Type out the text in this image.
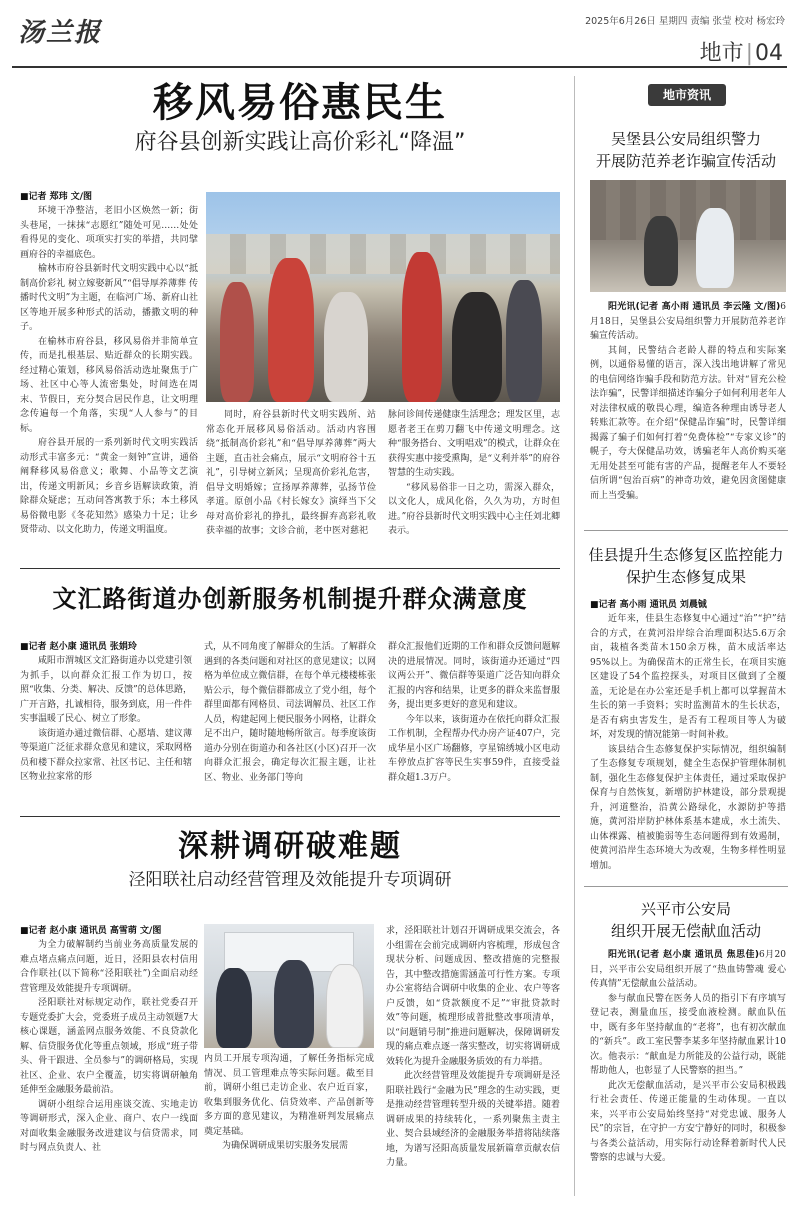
汤兰报	2025年6月26日 星期四 责编 张莹 校对 杨宏玲
地市|04
移风易俗惠民生
府谷县创新实践让高价彩礼“降温”
■记者 郑玮 文/图

环境干净整洁，老旧小区焕然一新；街头巷尾，一抹抹“志愿红”随处可见……处处看得见的变化、项项实打实的举措，共同擘画府谷的幸福底色。

榆林市府谷县新时代文明实践中心以“抵制高价彩礼 树立嫁娶新风”“倡导厚养薄葬 传播时代文明”为主题，在临河广场、新府山社区等地开展多种形式的活动，播撒文明的种子。

在榆林市府谷县，移风易俗并非简单宣传，而是扎根基层、贴近群众的长期实践。经过精心策划，移风易俗活动选址聚焦于广场、社区中心等人流密集处，时间选在周末、节假日，充分契合居民作息，让文明理念传遍每一个角落，实现“人人参与”的目标。

府谷县开展的一系列新时代文明实践活动形式丰富多元：“黄金一刻钟”宣讲，通俗阐释移风易俗意义；歌舞、小品等文艺演出，传递文明新风；乡音乡语解读政策，消除群众疑虑；互动问答寓教于乐；本土移风易俗微电影《冬花知然》感染力十足；让乡贤带动、以文化助力，传递文明温度。

同时，府谷县新时代文明实践所、站常态化开展移风易俗活动。活动内容围绕“抵制高价彩礼”和“倡导厚养薄葬”两大主题，直击社会痛点，展示“文明府谷十五礼”，引导树立新风；呈现高价彩礼危害，倡导文明婚嫁；宣扬厚养薄葬，弘扬节俭孝道。原创小品《村长嫁女》演绎当下父母对高价彩礼的挣扎，最终摒弃高彩礼收获幸福的故事；文诊合前，老中医对慈祀

脉问诊间传递健康生活理念；理发区里，志愿者老王在剪刀翻飞中传递文明理念。这种“服务搭台、文明唱戏”的模式，让群众在获得实惠中接受熏陶，是“义利并举”的府谷智慧的生动实践。

“移风易俗非一日之功，需深入群众，以文化人，成风化俗，久久为功，方时但进。”府谷县新时代文明实践中心主任刘北卿表示。

文汇路街道办创新服务机制提升群众满意度
■记者 赵小康 通讯员 张娟玲

咸阳市渭城区文汇路街道办以党建引领为抓手，以向群众汇报工作为切口，按照“收集、分类、解决、反馈”的总体思路，广开言路，扎诚相待，服务到底，用一件件实事温暖了民心、树立了形象。

该街道办通过微信群、心愿墙、建议薄等渠道广泛征求群众意见和建议，采取网格员和楼下群众拉家常、社区书记、主任和辖区物业拉家常的形

式，从不同角度了解群众的生活。了解群众遇到的各类问题和对社区的意见建议；以网格为单位成立微信群，在每个单元楼楼栋张贴公示，每个微信群都成立了党小组，每个群里面都有网格员、司法调解员、社区工作人员，构建起网上便民服务小网格，让群众足不出户，随时随地畅所欲言。每季度该街道办分别在街道办和各社区(小区)召开一次向群众汇报会，确定每次汇报主题，让社区、物业、业务部门等向

群众汇报他们近期的工作和群众反馈问题解决的进展情况。同时，该街道办还通过“四议两公开”、微信群等渠道广泛告知向群众汇报的内容和结果，让更多的群众来监督服务，提出更多更好的意见和建议。

今年以来，该街道办在依托向群众汇报工作机制，全程帮办代办房产证407户，完成华星小区广场翻修，亨星锦绣城小区电动车停放点扩容等民生实事59件，直接受益群众超1.3万户。

深耕调研破难题
泾阳联社启动经营管理及效能提升专项调研
■记者 赵小康 通讯员 高雪萌 文/图

为全力破解制约当前业务高质量发展的难点堵点痛点问题，近日，泾阳县农村信用合作联社(以下简称“泾阳联社”)全面启动经营管理及效能提升专项调研。

泾阳联社对标规定动作，联社党委召开专题党委扩大会，党委班子成员主动领题7大核心课题，涵盖网点服务效能、不良贷款化解、信贷服务优化等重点领域，形成“班子带头、骨干跟进、全员参与”的调研格局，实现社区、企业、农户全覆盖，切实将调研触角延伸至金融服务最前沿。

调研小组综合运用座谈交流、实地走访等调研形式，深入企业、商户、农户一线面对面收集金融服务改进建议与信贷需求，同时与网点负责人、社

内员工开展专项沟通，了解任务指标完成情况、员工管理难点等实际问题。截至目前，调研小组已走访企业、农户近百家，收集到服务优化、信贷效率、产品创新等多方面的意见建议，为精准研判发展痛点奠定基础。

为确保调研成果切实服务发展需

求，泾阳联社计划召开调研成果交流会，各小组需在会前完成调研内容梳理，形成包含现状分析、问题成因、整改措施的完整报告，其中整改措施需涵盖可行性方案。专项办公室将结合调研中收集的企业、农户等客户反馈，如“贷款额度不足”“审批贷款时效”等问题，梳理形成普批整改事项清单，以“问题销号制”推进问题解决，保障调研发现的痛点难点逐一落实整改，切实将调研成效转化为提升金融服务质效的有力举措。

此次经营管理及效能提升专项调研是泾阳联社践行“金融为民”理念的生动实践，更是推动经营管理转型升级的关键举措。随着调研成果的持续转化，一系列聚焦主责主业、契合县域经济的金融服务举措将陆续落地，为谱写泾阳高质量发展新篇章贡献农信力量。

地市资讯
吴堡县公安局组织警力
开展防范养老诈骗宣传活动

阳光讯(记者 高小雨 通讯员 李云隆 文/图)6月18日，吴堡县公安局组织警力开展防范养老诈骗宣传活动。

其间，民警结合老龄人群的特点和实际案例，以通俗易懂的语言，深入浅出地讲解了常见的电信网络诈骗手段和防范方法。针对“冒充公检法诈骗”，民警详细描述诈骗分子如何利用老年人对法律权威的敬畏心理，编造各种理由诱导老人转账汇款等。在介绍“保健品诈骗”时，民警详细揭露了骗子们如何打着“免费体检”“专家义诊”的幌子，夸大保健品功效，诱骗老年人高价购买毫无用处甚至可能有害的产品，提醒老年人不要轻信所谓“包治百病”的神奇功效，避免因贪图健康而上当受骗。

佳县提升生态修复区监控能力
保护生态修复成果
■记者 高小雨 通讯员 刘晨铖

近年来，佳县生态修复中心通过“治”“护”结合的方式，在黄河沿岸综合治理面积达5.6万余亩，栽植各类苗木150余万株，苗木成活率达95%以上。为确保苗木的正常生长，在项目实施区建设了54个监控探头，对项目区做到了全覆盖，无论是在办公室还是手机上都可以掌握苗木生长的第一手资料；实时监测苗木的生长状态，是否有病虫害发生，是否有工程项目等人为破坏，对发现的情况能第一时间补救。

该县结合生态修复保护实际情况，组织编制了生态修复专项规划，健全生态保护管理体制机制，强化生态修复保护主体责任，通过采取保护保育与自然恢复，新增防护林建设，部分景观提升，河道整治，沿黄公路绿化，水源防护等措施，黄河沿岸防护林体系基本建成，水土流失、山体裸露、植被脆弱等生态问题得到有效遏制，使黄河沿岸生态环境大为改观，生物多样性明显增加。

兴平市公安局
组织开展无偿献血活动

阳光讯(记者 赵小康 通讯员 焦思佳)6月20日，兴平市公安局组织开展了“热血铸警魂 爱心传真情”无偿献血公益活动。

参与献血民警在医务人员的指引下有序填写登记表，测量血压，接受血液检测。献血队伍中，既有多年坚持献血的“老将”，也有初次献血的“新兵”。政工室民警李某多年坚持献血累计10次。他表示：“献血是力所能及的公益行动，既能帮助他人，也彰显了人民警察的担当。”

此次无偿献血活动，是兴平市公安局积极践行社会责任、传递正能量的生动体现。一直以来，兴平市公安局始终坚持“对党忠诚、服务人民”的宗旨，在守护一方安宁静好的同时，积极参与各类公益活动，用实际行动诠释着新时代人民警察的忠诚与大爱。
